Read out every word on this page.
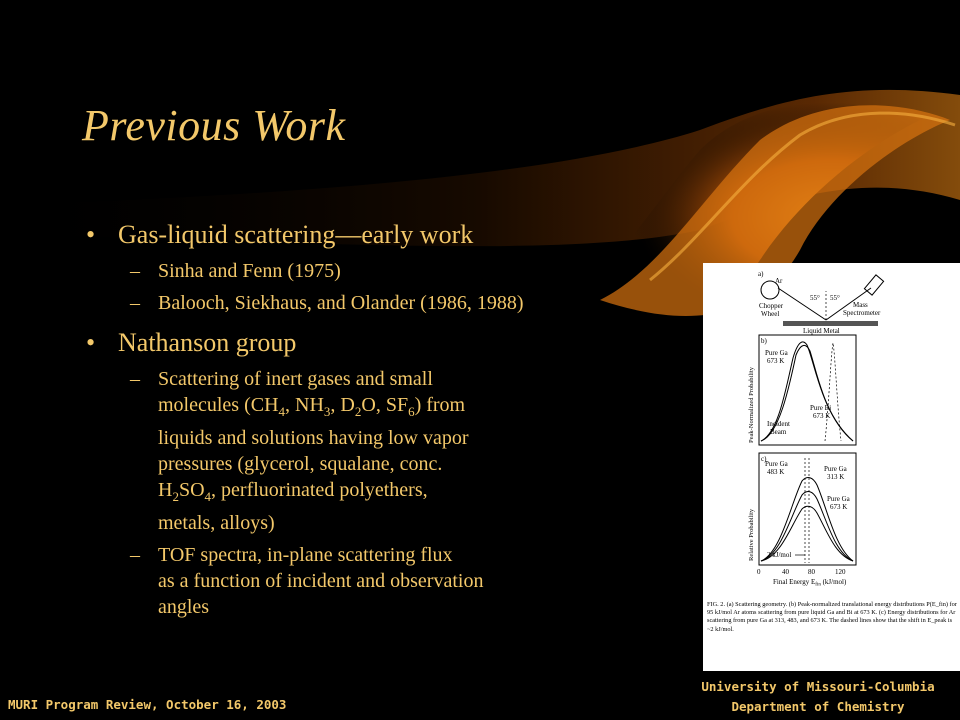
Previous Work
• Gas-liquid scattering—early work
– Sinha and Fenn (1975)
– Balooch, Siekhaus, and Olander (1986, 1988)
• Nathanson group
– Scattering of inert gases and small
molecules ($CH_4$, $NH_3$, $D_2O$, $SF_6$) from
liquids and solutions having low vapor
pressures (glycerol, squalane, conc.
$H_2SO_4$, perfluorinated polyethers,
metals, alloys)
– TOF spectra, in-plane scattering flux
as a function of incident and observation
angles
a)
Ar
Chopper
Wheel
55° 55°
Mass
Spectrometer
Liquid Metal
b)
Peak-Normalized Probability
Pure Ga
673 K
Pure Bi
673 K
Incident
Beam
c)
Relative Probability
Pure Ga
483 K	Pure Ga
313 K
Pure Ga
673 K
2 kJ/mol
0	40	80	120
Final Energy $E_{fin}$ (kJ/mol)
FIG. 2. (a) Scattering geometry. (b) Peak-normalized translational energy distributions P(E_fin) for 95 kJ/mol Ar atoms scattering from pure liquid Ga and Bi at 673 K. (c) Energy distributions for Ar scattering from pure Ga at 313, 483, and 673 K. The dashed lines show that the shift in E_peak is ~2 kJ/mol.
MURI Program Review, October 16, 2003
University of Missouri-Columbia
Department of Chemistry
